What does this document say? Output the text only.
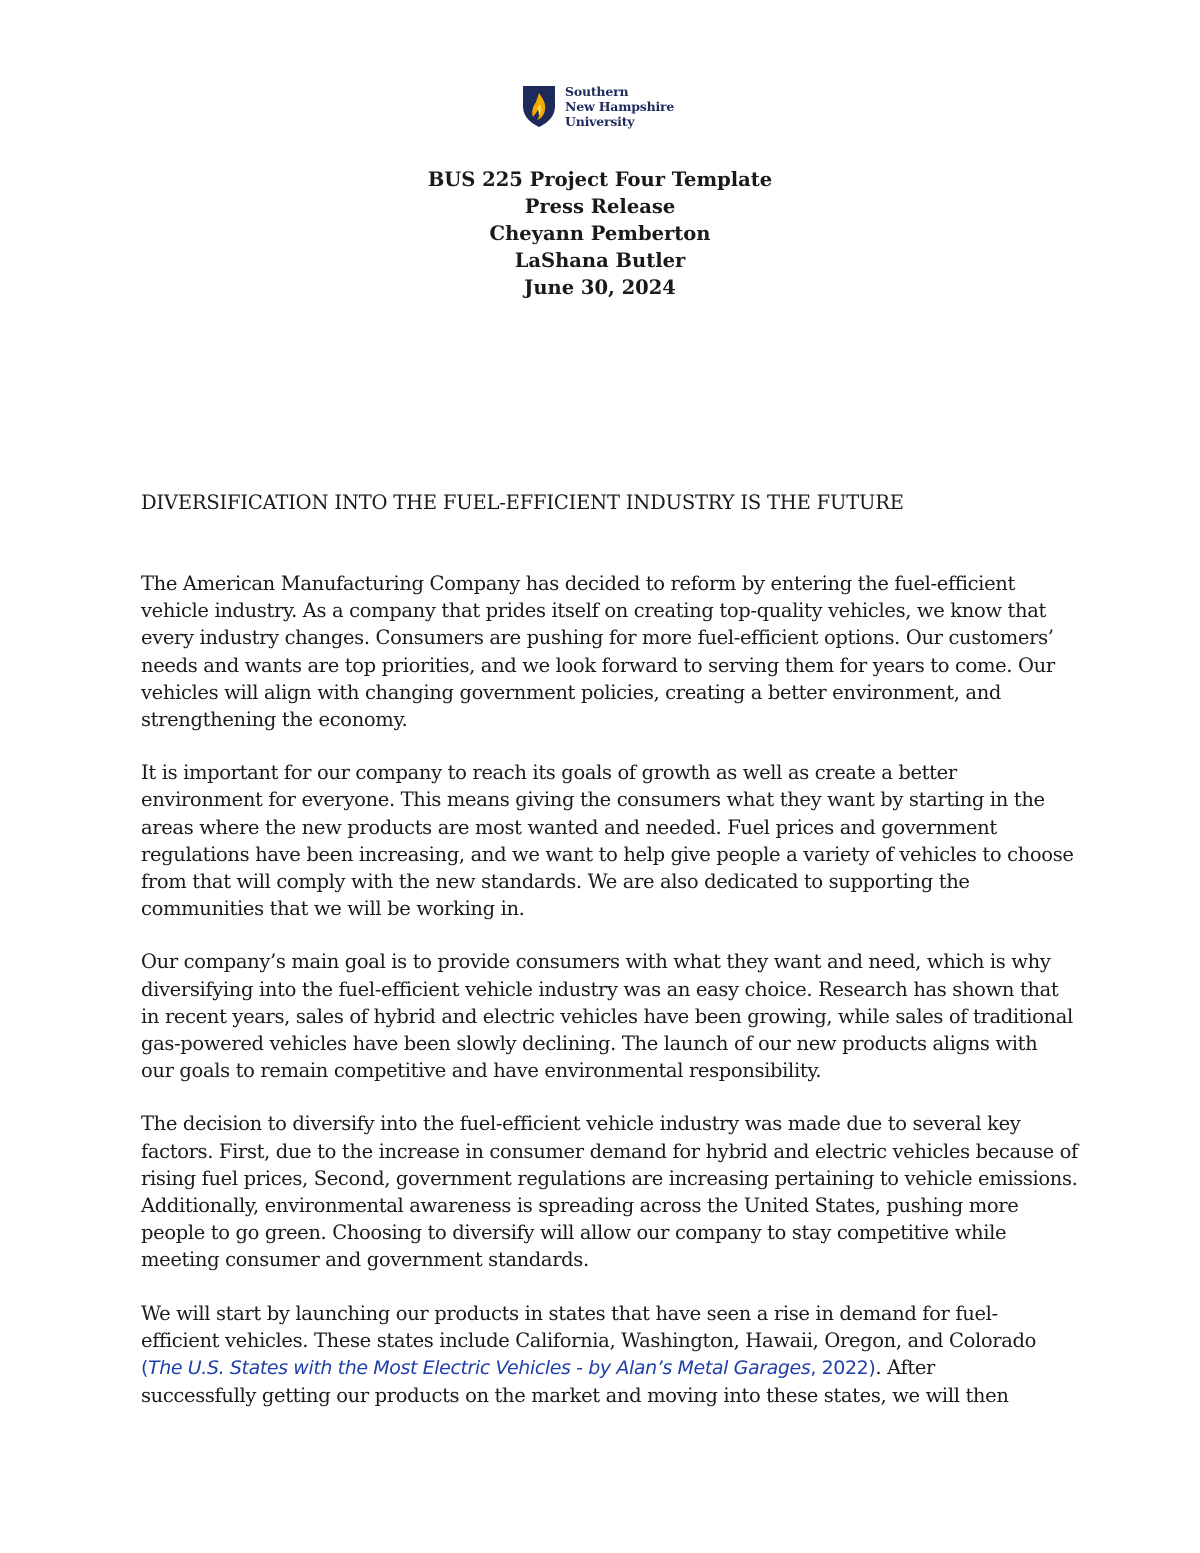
Southern
New Hampshire
University
BUS 225 Project Four Template
Press Release
Cheyann Pemberton
LaShana Butler
June 30, 2024
DIVERSIFICATION INTO THE FUEL-EFFICIENT INDUSTRY IS THE FUTURE
The American Manufacturing Company has decided to reform by entering the fuel-efficient
vehicle industry. As a company that prides itself on creating top-quality vehicles, we know that
every industry changes. Consumers are pushing for more fuel-efficient options. Our customers’
needs and wants are top priorities, and we look forward to serving them for years to come. Our
vehicles will align with changing government policies, creating a better environment, and
strengthening the economy.
It is important for our company to reach its goals of growth as well as create a better
environment for everyone. This means giving the consumers what they want by starting in the
areas where the new products are most wanted and needed. Fuel prices and government
regulations have been increasing, and we want to help give people a variety of vehicles to choose
from that will comply with the new standards. We are also dedicated to supporting the
communities that we will be working in.
Our company’s main goal is to provide consumers with what they want and need, which is why
diversifying into the fuel-efficient vehicle industry was an easy choice. Research has shown that
in recent years, sales of hybrid and electric vehicles have been growing, while sales of traditional
gas-powered vehicles have been slowly declining. The launch of our new products aligns with
our goals to remain competitive and have environmental responsibility.
The decision to diversify into the fuel-efficient vehicle industry was made due to several key
factors. First, due to the increase in consumer demand for hybrid and electric vehicles because of
rising fuel prices, Second, government regulations are increasing pertaining to vehicle emissions.
Additionally, environmental awareness is spreading across the United States, pushing more
people to go green. Choosing to diversify will allow our company to stay competitive while
meeting consumer and government standards.
We will start by launching our products in states that have seen a rise in demand for fuel-
efficient vehicles. These states include California, Washington, Hawaii, Oregon, and Colorado
(The U.S. States with the Most Electric Vehicles - by Alan’s Metal Garages, 2022). After
successfully getting our products on the market and moving into these states, we will then
